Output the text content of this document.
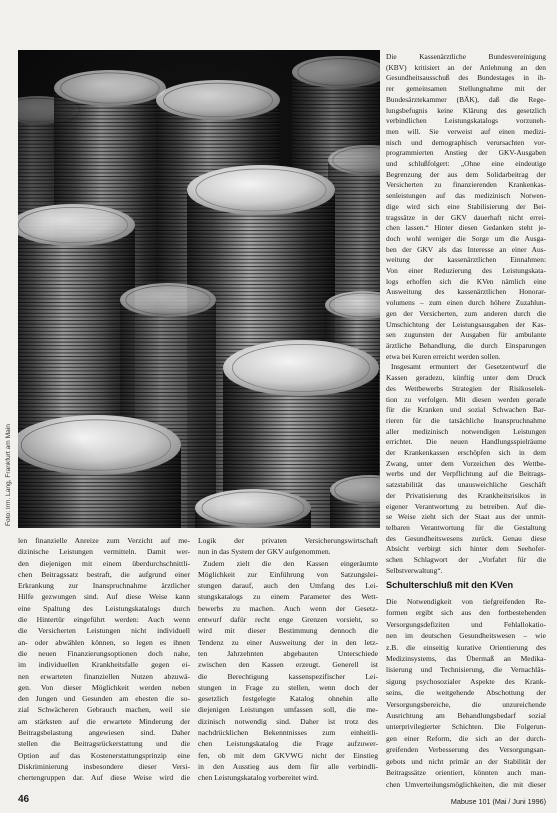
Foto: Irm. Lang, Frankfurt am Main
Die Kassenärztliche Bundesvereinigung
(KBV) kritisiert an der Anlehnung an den
Gesundheitsausschuß des Bundestages in ih-
rer gemeinsamen Stellungnahme mit der
Bundesärztekammer (BÄK), daß die Rege-
lungsbefugnis keine Klärung des gesetzlich
verbindlichen Leistungskatalogs vorzuneh-
men will. Sie verweist auf einen medizi-
nisch und demographisch verursachten vor-
programmierten Anstieg der GKV-Ausgaben
und schlußfolgert: „Ohne eine eindeutige
Begrenzung der aus dem Solidarbeitrag der
Versicherten zu finanzierenden Krankenkas-
senleistungen auf das medizinisch Notwen-
dige wird sich eine Stabilisierung der Bei-
tragssätze in der GKV dauerhaft nicht errei-
chen lassen.“ Hinter diesen Gedanken steht je-
doch wohl weniger die Sorge um die Ausga-
ben der GKV als das Interesse an einer Aus-
weitung der kassenärztlichen Einnahmen:
Von einer Reduzierung des Leistungskata-
logs erhoffen sich die KVen nämlich eine
Ausweitung des kassenärztlichen Honorar-
volumens – zum einen durch höhere Zuzahlun-
gen der Versicherten, zum anderen durch die
Umschichtung der Leistungsausgaben der Kas-
sen zugunsten der Ausgaben für ambulante
ärztliche Behandlung, die durch Einsparungen
etwa bei Kuren erreicht werden sollen.
Insgesamt ermuntert der Gesetzentwurf die
Kassen geradezu, künftig unter dem Druck
des Wettbewerbs Strategien der Risikoselek-
tion zu verfolgen. Mit diesen werden gerade
für die Kranken und sozial Schwachen Bar-
rieren für die tatsächliche Inanspruchnahme
aller medizinisch notwendigen Leistungen
errichtet. Die neuen Handlungsspielräume
der Krankenkassen erschöpfen sich in dem
Zwang, unter dem Vorzeichen des Wettbe-
werbs und der Verpflichtung auf die Beitrags-
satzstabilität das unausweichliche Geschäft
der Privatisierung des Krankheitsrisikos in
eigener Verantwortung zu betreiben. Auf die-
se Weise zieht sich der Staat aus der unmit-
telbaren Verantwortung für die Gestaltung
des Gesundheitswesens zurück. Genau diese
Absicht verbirgt sich hinter dem Seehofer-
schen Schlagwort der „Vorfahrt für die
Selbstverwaltung“.
Schulterschluß mit den KVen
Die Notwendigkeit von tiefgreifenden Re-
formen ergibt sich aus den fortbestehenden
Versorgungsdefiziten und Fehlallokatio-
nen im deutschen Gesundheitswesen – wie
z.B. die einseitig kurative Orientierung des
Medizinsystems, das Übermaß an Medika-
lisierung und Technisierung, die Vernachläs-
sigung psychosozialer Aspekte des Krank-
seins, die weitgehende Abschottung der
Versorgungsbereiche, die unzureichende
Ausrichtung am Behandlungsbedarf sozial
unterprivilegierter Schichten. Die Folgerun-
gen einer Reform, die sich an der durch-
greifenden Verbesserung des Versorgungsan-
gebots und nicht primär an der Stabilität der
Beitragssätze orientiert, könnten auch man-
chen Umverteilungsmöglichkeiten, die mit dieser
len finanzielle Anreize zum Verzicht auf me-
dizinische Leistungen vermitteln. Damit wer-
den diejenigen mit einem überdurchschnittli-
chen Beitragssatz bestraft, die aufgrund einer
Erkrankung zur Inanspruchnahme ärztlicher
Hilfe gezwungen sind. Auf diese Weise kann
eine Spaltung des Leistungskatalogs durch
die Hintertür eingeführt werden: Auch wenn
die Versicherten Leistungen nicht individuell
an- oder abwählen können, so legen es ihnen
die neuen Finanzierungsoptionen doch nahe,
im individuellen Krankheitsfalle gegen ei-
nen erwarteten finanziellen Nutzen abzuwä-
gen. Von dieser Möglichkeit werden neben
den Jungen und Gesunden am ehesten die so-
zial Schwächeren Gebrauch machen, weil sie
am stärksten auf die erwartete Minderung der
Beitragsbelastung angewiesen sind. Daher
stellen die Beitragsrückerstattung und die
Option auf das Kostenerstattungsprinzip eine
Diskriminierung insbesondere dieser Versi-
chertengruppen dar. Auf diese Weise wird die
Logik der privaten Versicherungswirtschaft
nun in das System der GKV aufgenommen.
Zudem zielt die den Kassen eingeräumte
Möglichkeit zur Einführung von Satzungslei-
stungen darauf, auch den Umfang des Lei-
stungskatalogs zu einem Parameter des Wett-
bewerbs zu machen. Auch wenn der Gesetz-
entwurf dafür recht enge Grenzen vorsieht, so
wird mit dieser Bestimmung dennoch die
Tendenz zu einer Ausweitung der in den letz-
ten Jahrzehnten abgebauten Unterschiede
zwischen den Kassen erzeugt. Generell ist
die Berechtigung kassenspezifischer Lei-
stungen in Frage zu stellen, wenn doch der
gesetzlich festgelegte Katalog ohnehin alle
diejenigen Leistungen umfassen soll, die me-
dizinisch notwendig sind. Daher ist trotz des
nachdrücklichen Bekenntnisses zum einheitli-
chen Leistungskatalog die Frage aufzuwer-
fen, ob mit dem GKVWG nicht der Einstieg
in den Ausstieg aus dem für alle verbindli-
chen Leistungskatalog vorbereitet wird.
46	Mabuse 101 (Mai / Juni 1996)
